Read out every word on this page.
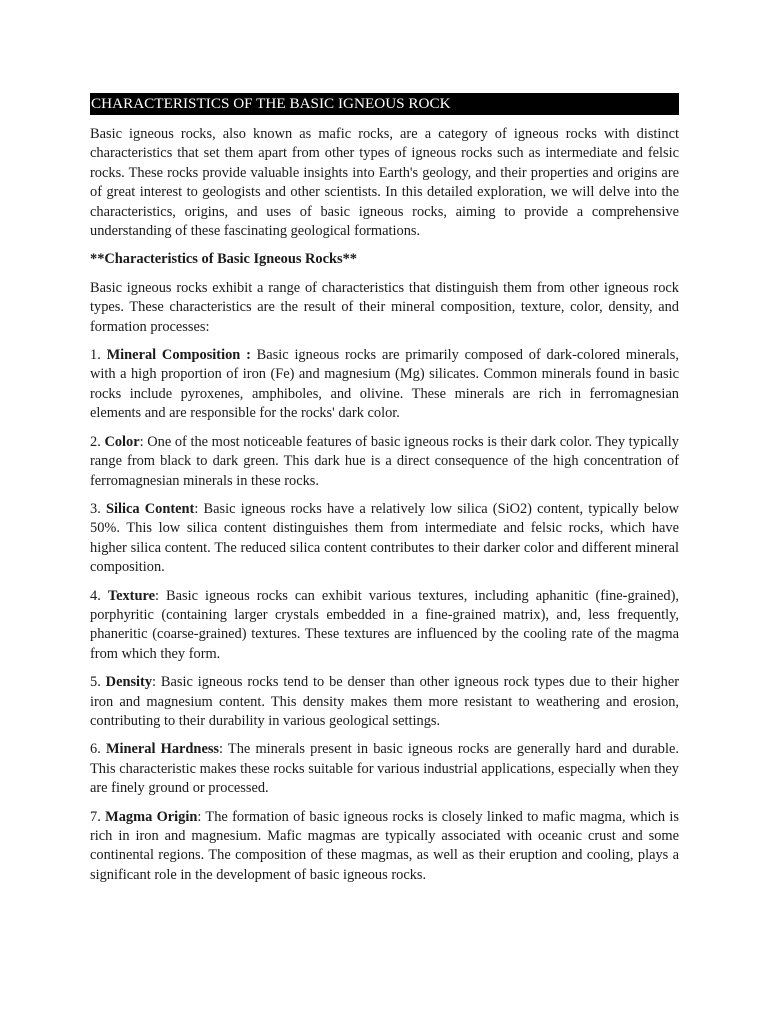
CHARACTERISTICS OF THE BASIC IGNEOUS ROCK

Basic igneous rocks, also known as mafic rocks, are a category of igneous rocks with distinct characteristics that set them apart from other types of igneous rocks such as intermediate and felsic rocks. These rocks provide valuable insights into Earth's geology, and their properties and origins are of great interest to geologists and other scientists. In this detailed exploration, we will delve into the characteristics, origins, and uses of basic igneous rocks, aiming to provide a comprehensive understanding of these fascinating geological formations.

**Characteristics of Basic Igneous Rocks**

Basic igneous rocks exhibit a range of characteristics that distinguish them from other igneous rock types. These characteristics are the result of their mineral composition, texture, color, density, and formation processes:

1. Mineral Composition : Basic igneous rocks are primarily composed of dark-colored minerals, with a high proportion of iron (Fe) and magnesium (Mg) silicates. Common minerals found in basic rocks include pyroxenes, amphiboles, and olivine. These minerals are rich in ferromagnesian elements and are responsible for the rocks' dark color.

2. Color: One of the most noticeable features of basic igneous rocks is their dark color. They typically range from black to dark green. This dark hue is a direct consequence of the high concentration of ferromagnesian minerals in these rocks.

3. Silica Content: Basic igneous rocks have a relatively low silica (SiO2) content, typically below 50%. This low silica content distinguishes them from intermediate and felsic rocks, which have higher silica content. The reduced silica content contributes to their darker color and different mineral composition.

4. Texture: Basic igneous rocks can exhibit various textures, including aphanitic (fine-grained), porphyritic (containing larger crystals embedded in a fine-grained matrix), and, less frequently, phaneritic (coarse-grained) textures. These textures are influenced by the cooling rate of the magma from which they form.

5. Density: Basic igneous rocks tend to be denser than other igneous rock types due to their higher iron and magnesium content. This density makes them more resistant to weathering and erosion, contributing to their durability in various geological settings.

6. Mineral Hardness: The minerals present in basic igneous rocks are generally hard and durable. This characteristic makes these rocks suitable for various industrial applications, especially when they are finely ground or processed.

7. Magma Origin: The formation of basic igneous rocks is closely linked to mafic magma, which is rich in iron and magnesium. Mafic magmas are typically associated with oceanic crust and some continental regions. The composition of these magmas, as well as their eruption and cooling, plays a significant role in the development of basic igneous rocks.
